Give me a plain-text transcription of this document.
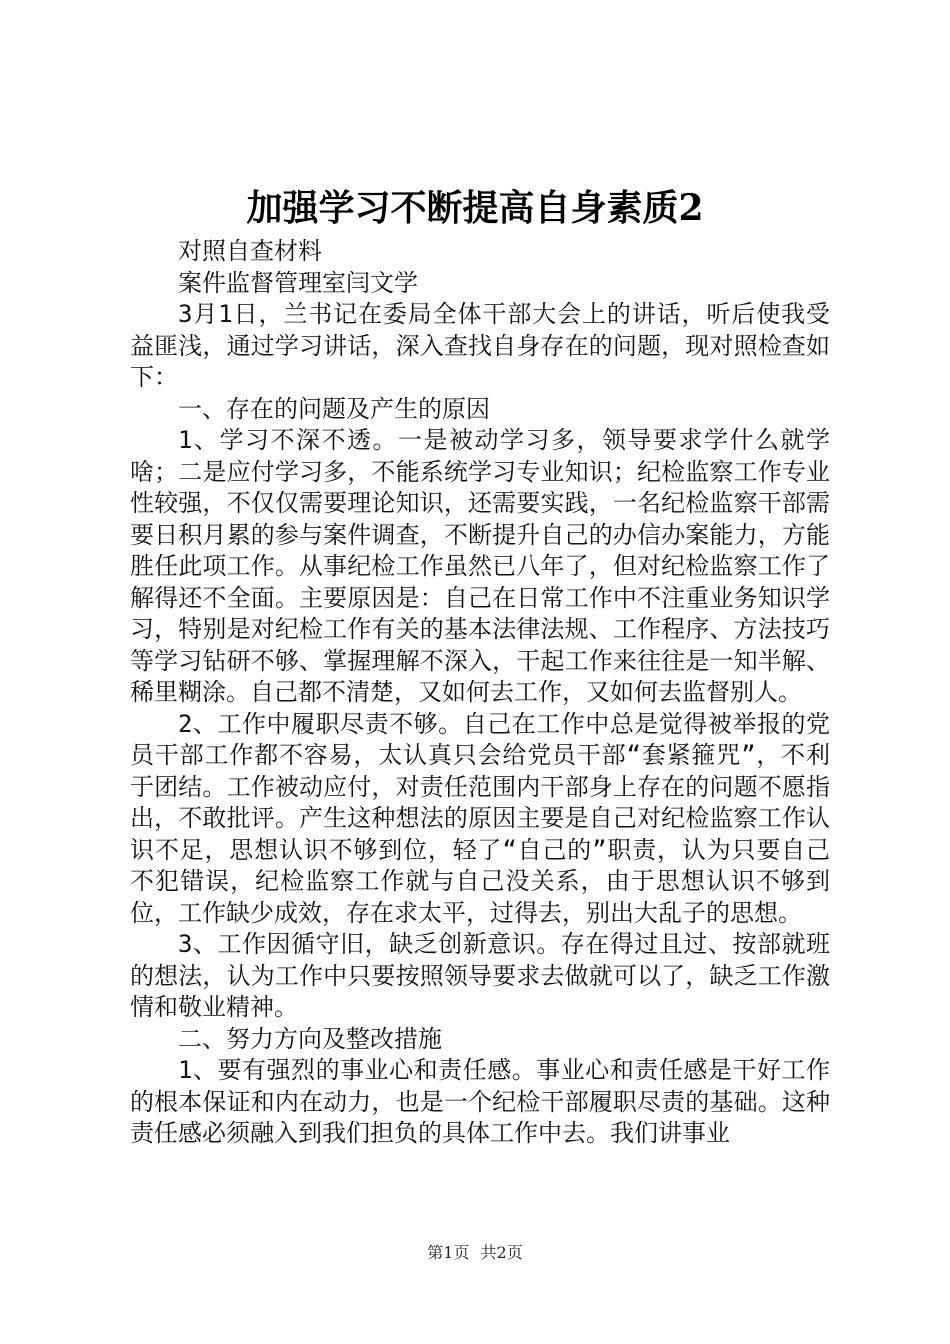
加强学习不断提高自身素质2

对照自查材料

案件监督管理室闫文学

3月1日，兰书记在委局全体干部大会上的讲话，听后使我受益匪浅，通过学习讲话，深入查找自身存在的问题，现对照检查如下：

一、存在的问题及产生的原因

1、学习不深不透。一是被动学习多，领导要求学什么就学啥；二是应付学习多，不能系统学习专业知识；纪检监察工作专业性较强，不仅仅需要理论知识，还需要实践，一名纪检监察干部需要日积月累的参与案件调查，不断提升自己的办信办案能力，方能胜任此项工作。从事纪检工作虽然已八年了，但对纪检监察工作了解得还不全面。主要原因是：自己在日常工作中不注重业务知识学习，特别是对纪检工作有关的基本法律法规、工作程序、方法技巧等学习钻研不够、掌握理解不深入，干起工作来往往是一知半解、稀里糊涂。自己都不清楚，又如何去工作，又如何去监督别人。

2、工作中履职尽责不够。自己在工作中总是觉得被举报的党员干部工作都不容易，太认真只会给党员干部“套紧箍咒”，不利于团结。工作被动应付，对责任范围内干部身上存在的问题不愿指出，不敢批评。产生这种想法的原因主要是自己对纪检监察工作认识不足，思想认识不够到位，轻了“自己的”职责，认为只要自己不犯错误，纪检监察工作就与自己没关系，由于思想认识不够到位，工作缺少成效，存在求太平，过得去，别出大乱子的思想。

3、工作因循守旧，缺乏创新意识。存在得过且过、按部就班的想法，认为工作中只要按照领导要求去做就可以了，缺乏工作激情和敬业精神。

二、努力方向及整改措施

1、要有强烈的事业心和责任感。事业心和责任感是干好工作的根本保证和内在动力，也是一个纪检干部履职尽责的基础。这种责任感必须融入到我们担负的具体工作中去。我们讲事业

第1页 共2页
